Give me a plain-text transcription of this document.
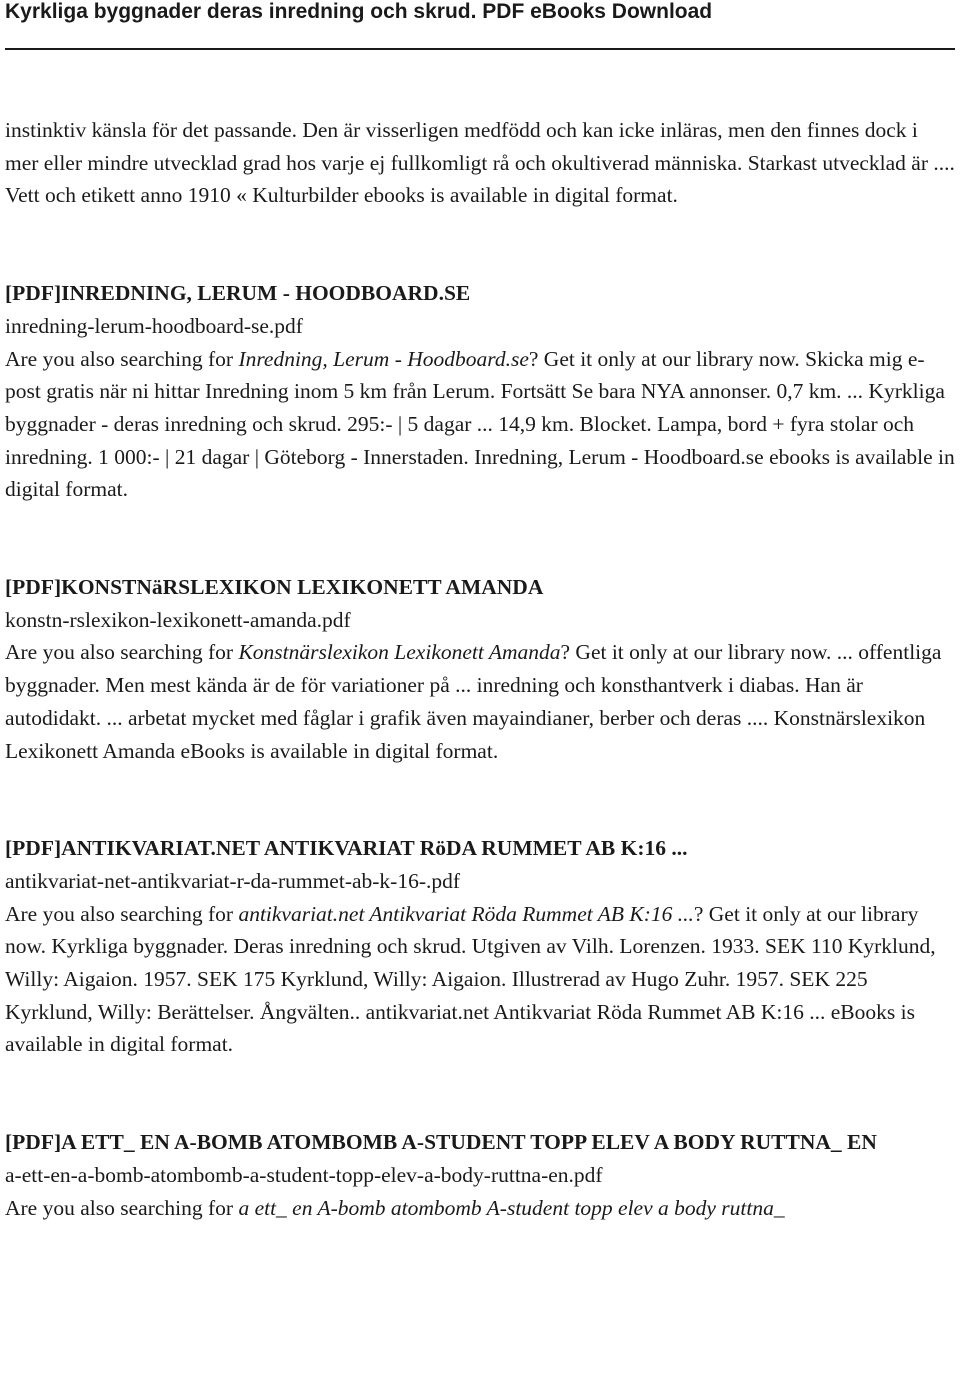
Kyrkliga byggnader deras inredning och skrud. PDF eBooks Download

instinktiv känsla för det passande. Den är visserligen medfödd och kan icke inläras, men den finnes dock i mer eller mindre utvecklad grad hos varje ej fullkomligt rå och okultiverad människa. Starkast utvecklad är .... Vett och etikett anno 1910 « Kulturbilder ebooks is available in digital format.

[PDF]INREDNING, LERUM - HOODBOARD.SE
inredning-lerum-hoodboard-se.pdf

Are you also searching for Inredning, Lerum - Hoodboard.se? Get it only at our library now. Skicka mig e-post gratis när ni hittar Inredning inom 5 km från Lerum. Fortsätt Se bara NYA annonser. 0,7 km. ... Kyrkliga byggnader - deras inredning och skrud. 295:- | 5 dagar ... 14,9 km. Blocket. Lampa, bord + fyra stolar och inredning. 1 000:- | 21 dagar | Göteborg - Innerstaden. Inredning, Lerum - Hoodboard.se ebooks is available in digital format.

[PDF]KONSTNäRSLEXIKON LEXIKONETT AMANDA
konstn-rslexikon-lexikonett-amanda.pdf

Are you also searching for Konstnärslexikon Lexikonett Amanda? Get it only at our library now. ... offentliga byggnader. Men mest kända är de för variationer på ... inredning och konsthantverk i diabas. Han är autodidakt. ... arbetat mycket med fåglar i grafik även mayaindianer, berber och deras .... Konstnärslexikon Lexikonett Amanda eBooks is available in digital format.

[PDF]ANTIKVARIAT.NET ANTIKVARIAT RöDA RUMMET AB K:16 ...
antikvariat-net-antikvariat-r-da-rummet-ab-k-16-.pdf

Are you also searching for antikvariat.net Antikvariat Röda Rummet AB K:16 ...? Get it only at our library now. Kyrkliga byggnader. Deras inredning och skrud. Utgiven av Vilh. Lorenzen. 1933. SEK 110 Kyrklund, Willy: Aigaion. 1957. SEK 175 Kyrklund, Willy: Aigaion. Illustrerad av Hugo Zuhr. 1957. SEK 225 Kyrklund, Willy: Berättelser. Ångvälten.. antikvariat.net Antikvariat Röda Rummet AB K:16 ... eBooks is available in digital format.

[PDF]A ETT_ EN A-BOMB ATOMBOMB A-STUDENT TOPP ELEV A BODY RUTTNA_ EN
a-ett-en-a-bomb-atombomb-a-student-topp-elev-a-body-ruttna-en.pdf

Are you also searching for a ett_ en A-bomb atombomb A-student topp elev a body ruttna_
